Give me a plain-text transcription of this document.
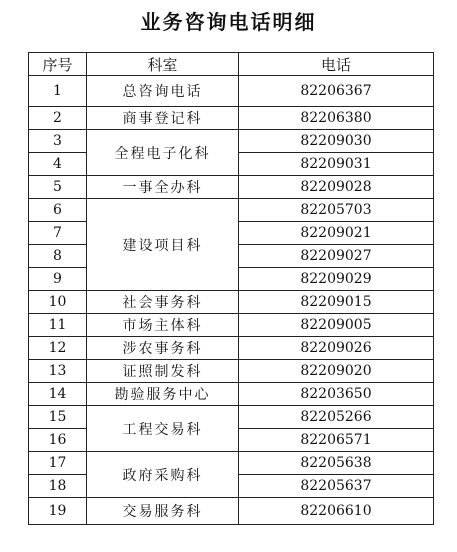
业务咨询电话明细
序号	科室	电话
1	总咨询电话	82206367
2	商事登记科	82206380
3	全程电子化科	82209030
4		82209031
5	一事全办科	82209028
6	建设项目科	82205703
7		82209021
8		82209027
9		82209029
10	社会事务科	82209015
11	市场主体科	82209005
12	涉农事务科	82209026
13	证照制发科	82209020
14	勘验服务中心	82203650
15	工程交易科	82205266
16		82206571
17	政府采购科	82205638
18		82205637
19	交易服务科	82206610
